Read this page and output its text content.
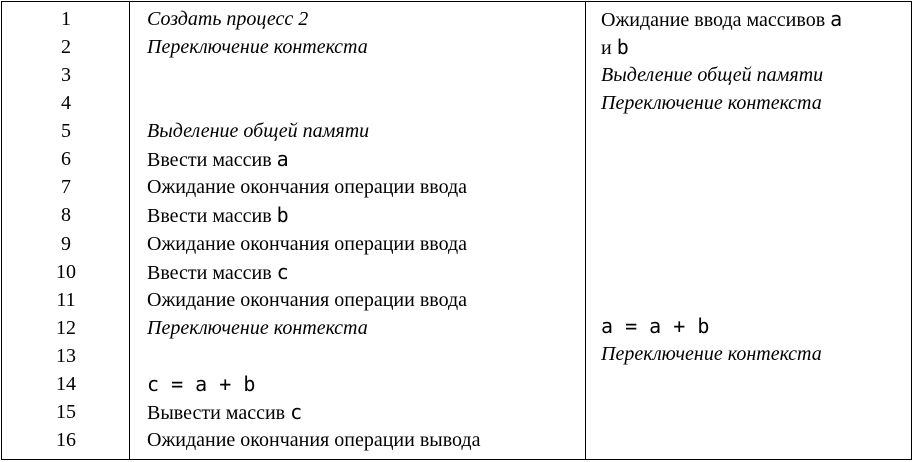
1
2
3
4
5
6
7
8
9
10
11
12
13
14
15
16
Создать процесс 2
Переключение контекста
Выделение общей памяти
Ввести массив a
Ожидание окончания операции ввода
Ввести массив b
Ожидание окончания операции ввода
Ввести массив c
Ожидание окончания операции ввода
Переключение контекста
c = a + b
Вывести массив c
Ожидание окончания операции вывода
Ожидание ввода массивов a
и b
Выделение общей памяти
Переключение контекста
a = a + b
Переключение контекста
